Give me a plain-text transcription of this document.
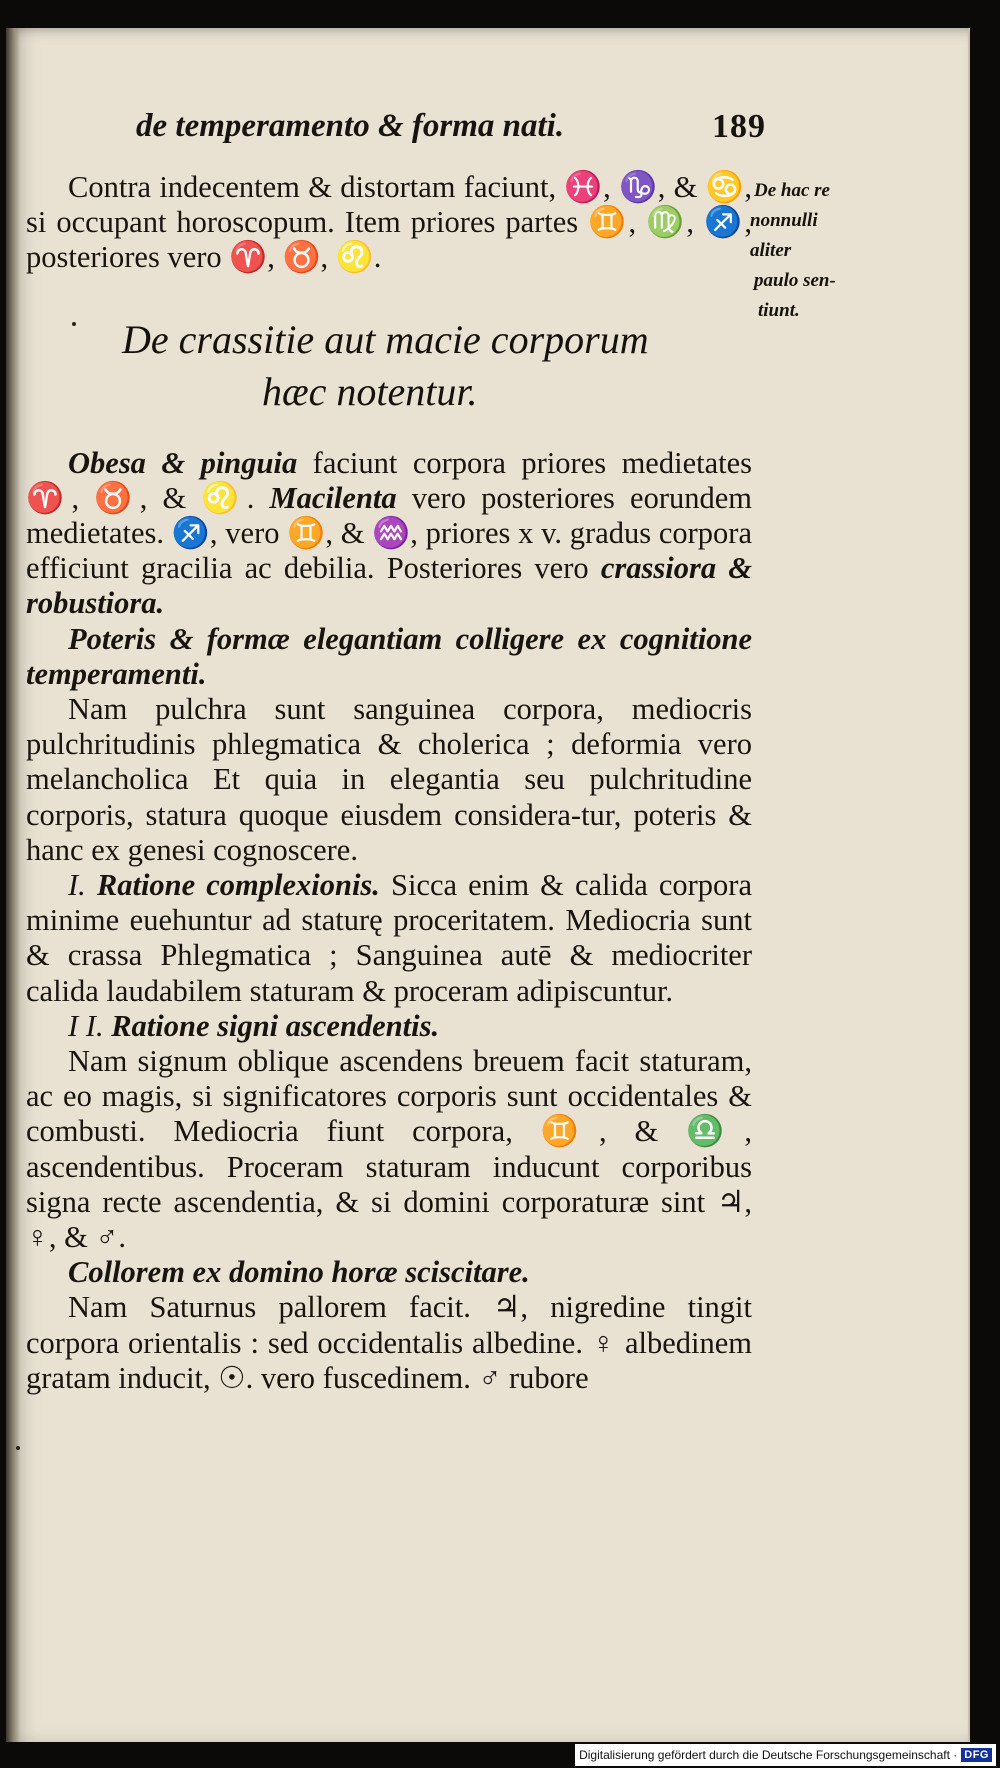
de temperamento & forma nati.	189
De hac re
nonnulli
aliter
paulo sen-
tiunt.

Contra indecentem & distortam faciunt, ♓, ♑, & ♋, si occupant horoscopum. Item priores partes ♊, ♍, ♐, posteriores vero ♈, ♉, ♌.

De crassitie aut macie corporum
hæc notentur.

Obesa & pinguia faciunt corpora priores medietates ♈, ♉, & ♌. Macilenta vero posteriores eorundem medietates. ♐, vero ♊, & ♒, priores x v. gradus corpora efficiunt gracilia ac debilia. Posteriores vero crassiora & robustiora.

Poteris & formæ elegantiam colligere ex cognitione temperamenti.

Nam pulchra sunt sanguinea corpora, mediocris pulchritudinis phlegmatica & cholerica ; deformia vero melancholica Et quia in elegantia seu pulchritudine corporis, statura quoque eiusdem considera-tur, poteris & hanc ex genesi cognoscere.

I. Ratione complexionis. Sicca enim & calida corpora minime euehuntur ad staturę proceritatem. Mediocria sunt & crassa Phlegmatica ; Sanguinea autē & mediocriter calida laudabilem staturam & proceram adipiscuntur.

I I. Ratione signi ascendentis.

Nam signum oblique ascendens breuem facit staturam, ac eo magis, si significatores corporis sunt occidentales & combusti. Mediocria fiunt corpora, ♊, & ♎, ascendentibus. Proceram staturam inducunt corporibus signa recte ascendentia, & si domini corporaturæ sint ♃, ♀, & ♂.

Collorem ex domino horæ sciscitare.

Nam Saturnus pallorem facit. ♃, nigredine tingit corpora orientalis : sed occidentalis albedine. ♀ albedinem gratam inducit, ☉. vero fuscedinem. ♂ rubore

Digitalisierung gefördert durch die Deutsche Forschungsgemeinschaft · DFG
